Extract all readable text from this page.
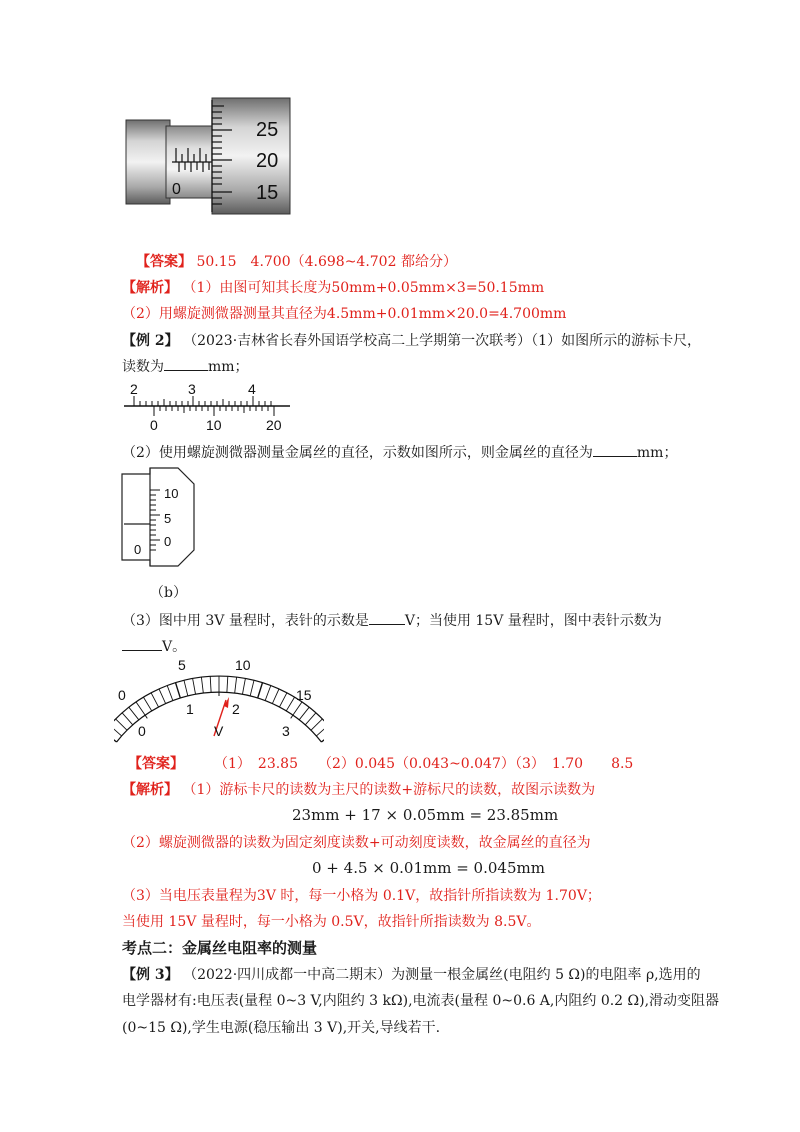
0
25
20
15
【答案】 50.15　4.700（4.698~4.702 都给分）
【解析】 （1）由图可知其长度为50mm+0.05mm×3=50.15mm
（2）用螺旋测微器测量其直径为4.5mm+0.01mm×20.0=4.700mm
【例 2】 （2023·吉林省长春外国语学校高二上学期第一次联考）（1）如图所示的游标卡尺，
读数为	mm；
2	3	4
0	10	20
（2）使用螺旋测微器测量金属丝的直径，示数如图所示，则金属丝的直径为	mm；
0
10
5
0
（b）
（3）图中用 3V 量程时，表针的示数是	V；当使用 15V 量程时，图中表针示数为
V。
0
5	10
15
0
1	2
3
V
【答案】 （1）　23.85 （2）0.045（0.043~0.047）
（3）　1.70　　8.5
【解析】 （1）游标卡尺的读数为主尺的读数+游标尺的读数，故图示读数为
23mm + 17 × 0.05mm = 23.85mm
（2）螺旋测微器的读数为固定刻度读数+可动刻度读数，故金属丝的直径为
0 + 4.5 × 0.01mm = 0.045mm
（3）当电压表量程为3V 时，每一小格为 0.1V，故指针所指读数为 1.70V；
当使用 15V 量程时，每一小格为 0.5V，故指针所指读数为 8.5V。
考点二：金属丝电阻率的测量
【例 3】 （2022·四川成都一中高二期末）为测量一根金属丝(电阻约 5 Ω)的电阻率 ρ,选用的
电学器材有:电压表(量程 0~3 V,内阻约 3 kΩ),电流表(量程 0~0.6 A,内阻约 0.2 Ω),滑动变阻器
(0~15 Ω),学生电源(稳压输出 3 V),开关,导线若干.
